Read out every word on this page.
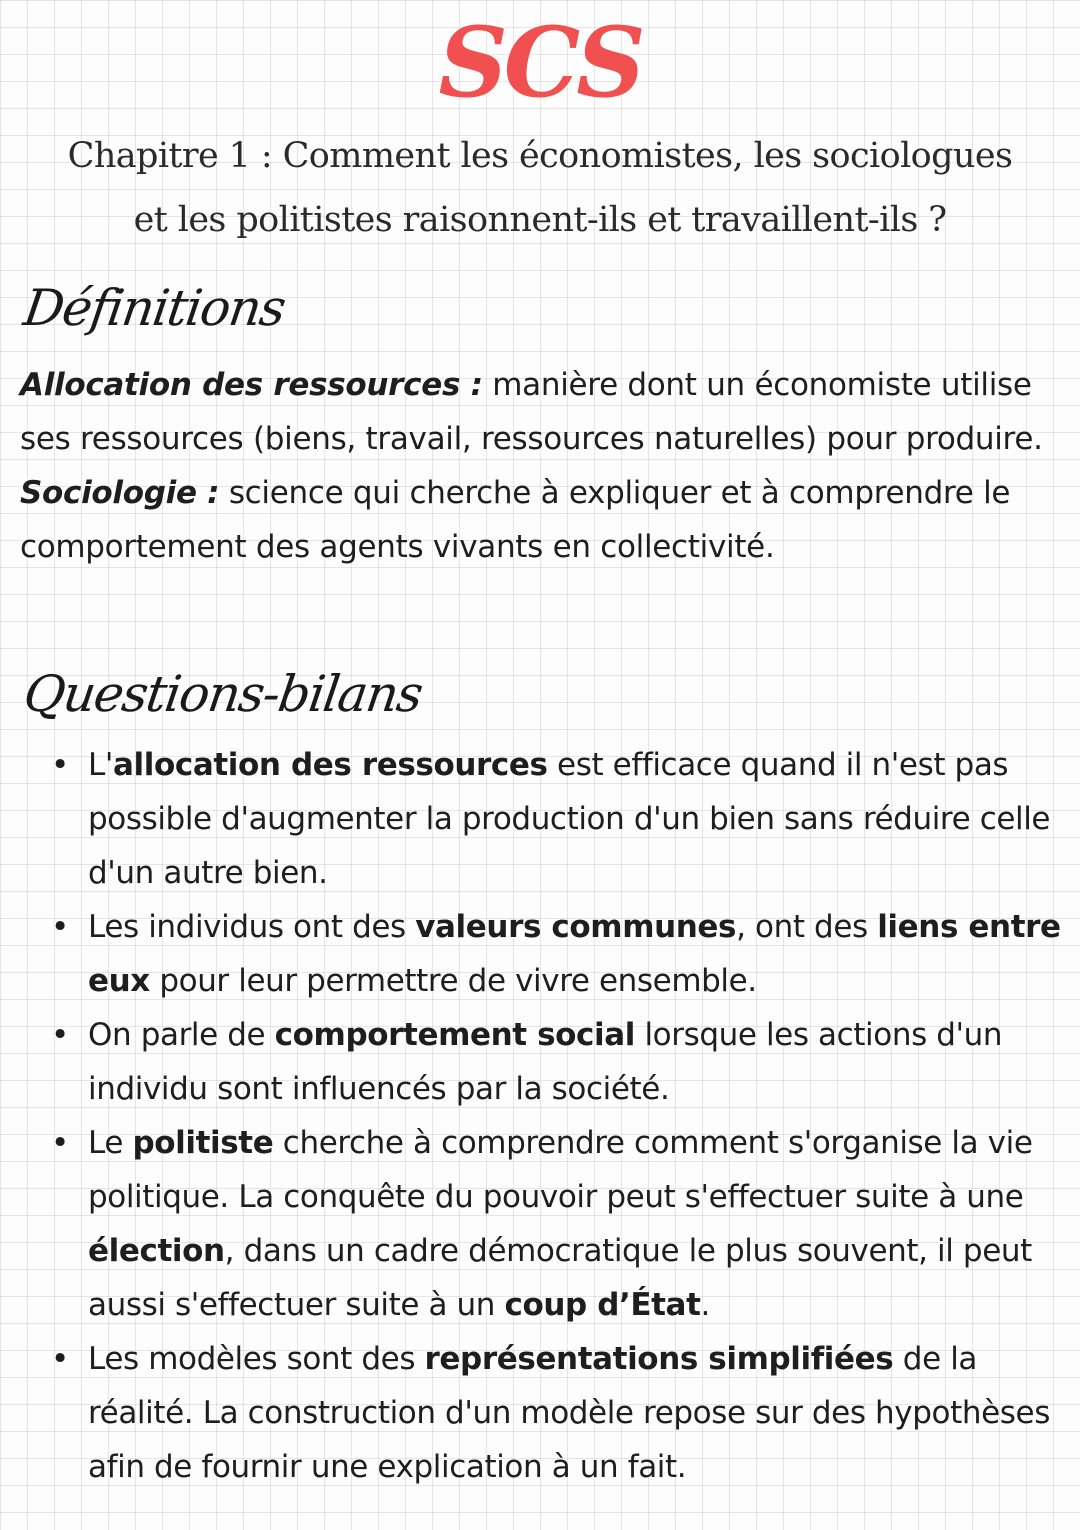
SCS
Chapitre 1 : Comment les économistes, les sociologues
et les politistes raisonnent-ils et travaillent-ils ?
Définitions
Allocation des ressources : manière dont un économiste utilise ses ressources (biens, travail, ressources naturelles) pour produire.
Sociologie : science qui cherche à expliquer et à comprendre le comportement des agents vivants en collectivité.
Questions-bilans
• L'allocation des ressources est efficace quand il n'est pas possible d'augmenter la production d'un bien sans réduire celle d'un autre bien.
• Les individus ont des valeurs communes, ont des liens entre eux pour leur permettre de vivre ensemble.
• On parle de comportement social lorsque les actions d'un individu sont influencés par la société.
• Le politiste cherche à comprendre comment s'organise la vie politique. La conquête du pouvoir peut s'effectuer suite à une élection, dans un cadre démocratique le plus souvent, il peut aussi s'effectuer suite à un coup d’État.
• Les modèles sont des représentations simplifiées de la réalité. La construction d'un modèle repose sur des hypothèses afin de fournir une explication à un fait.
